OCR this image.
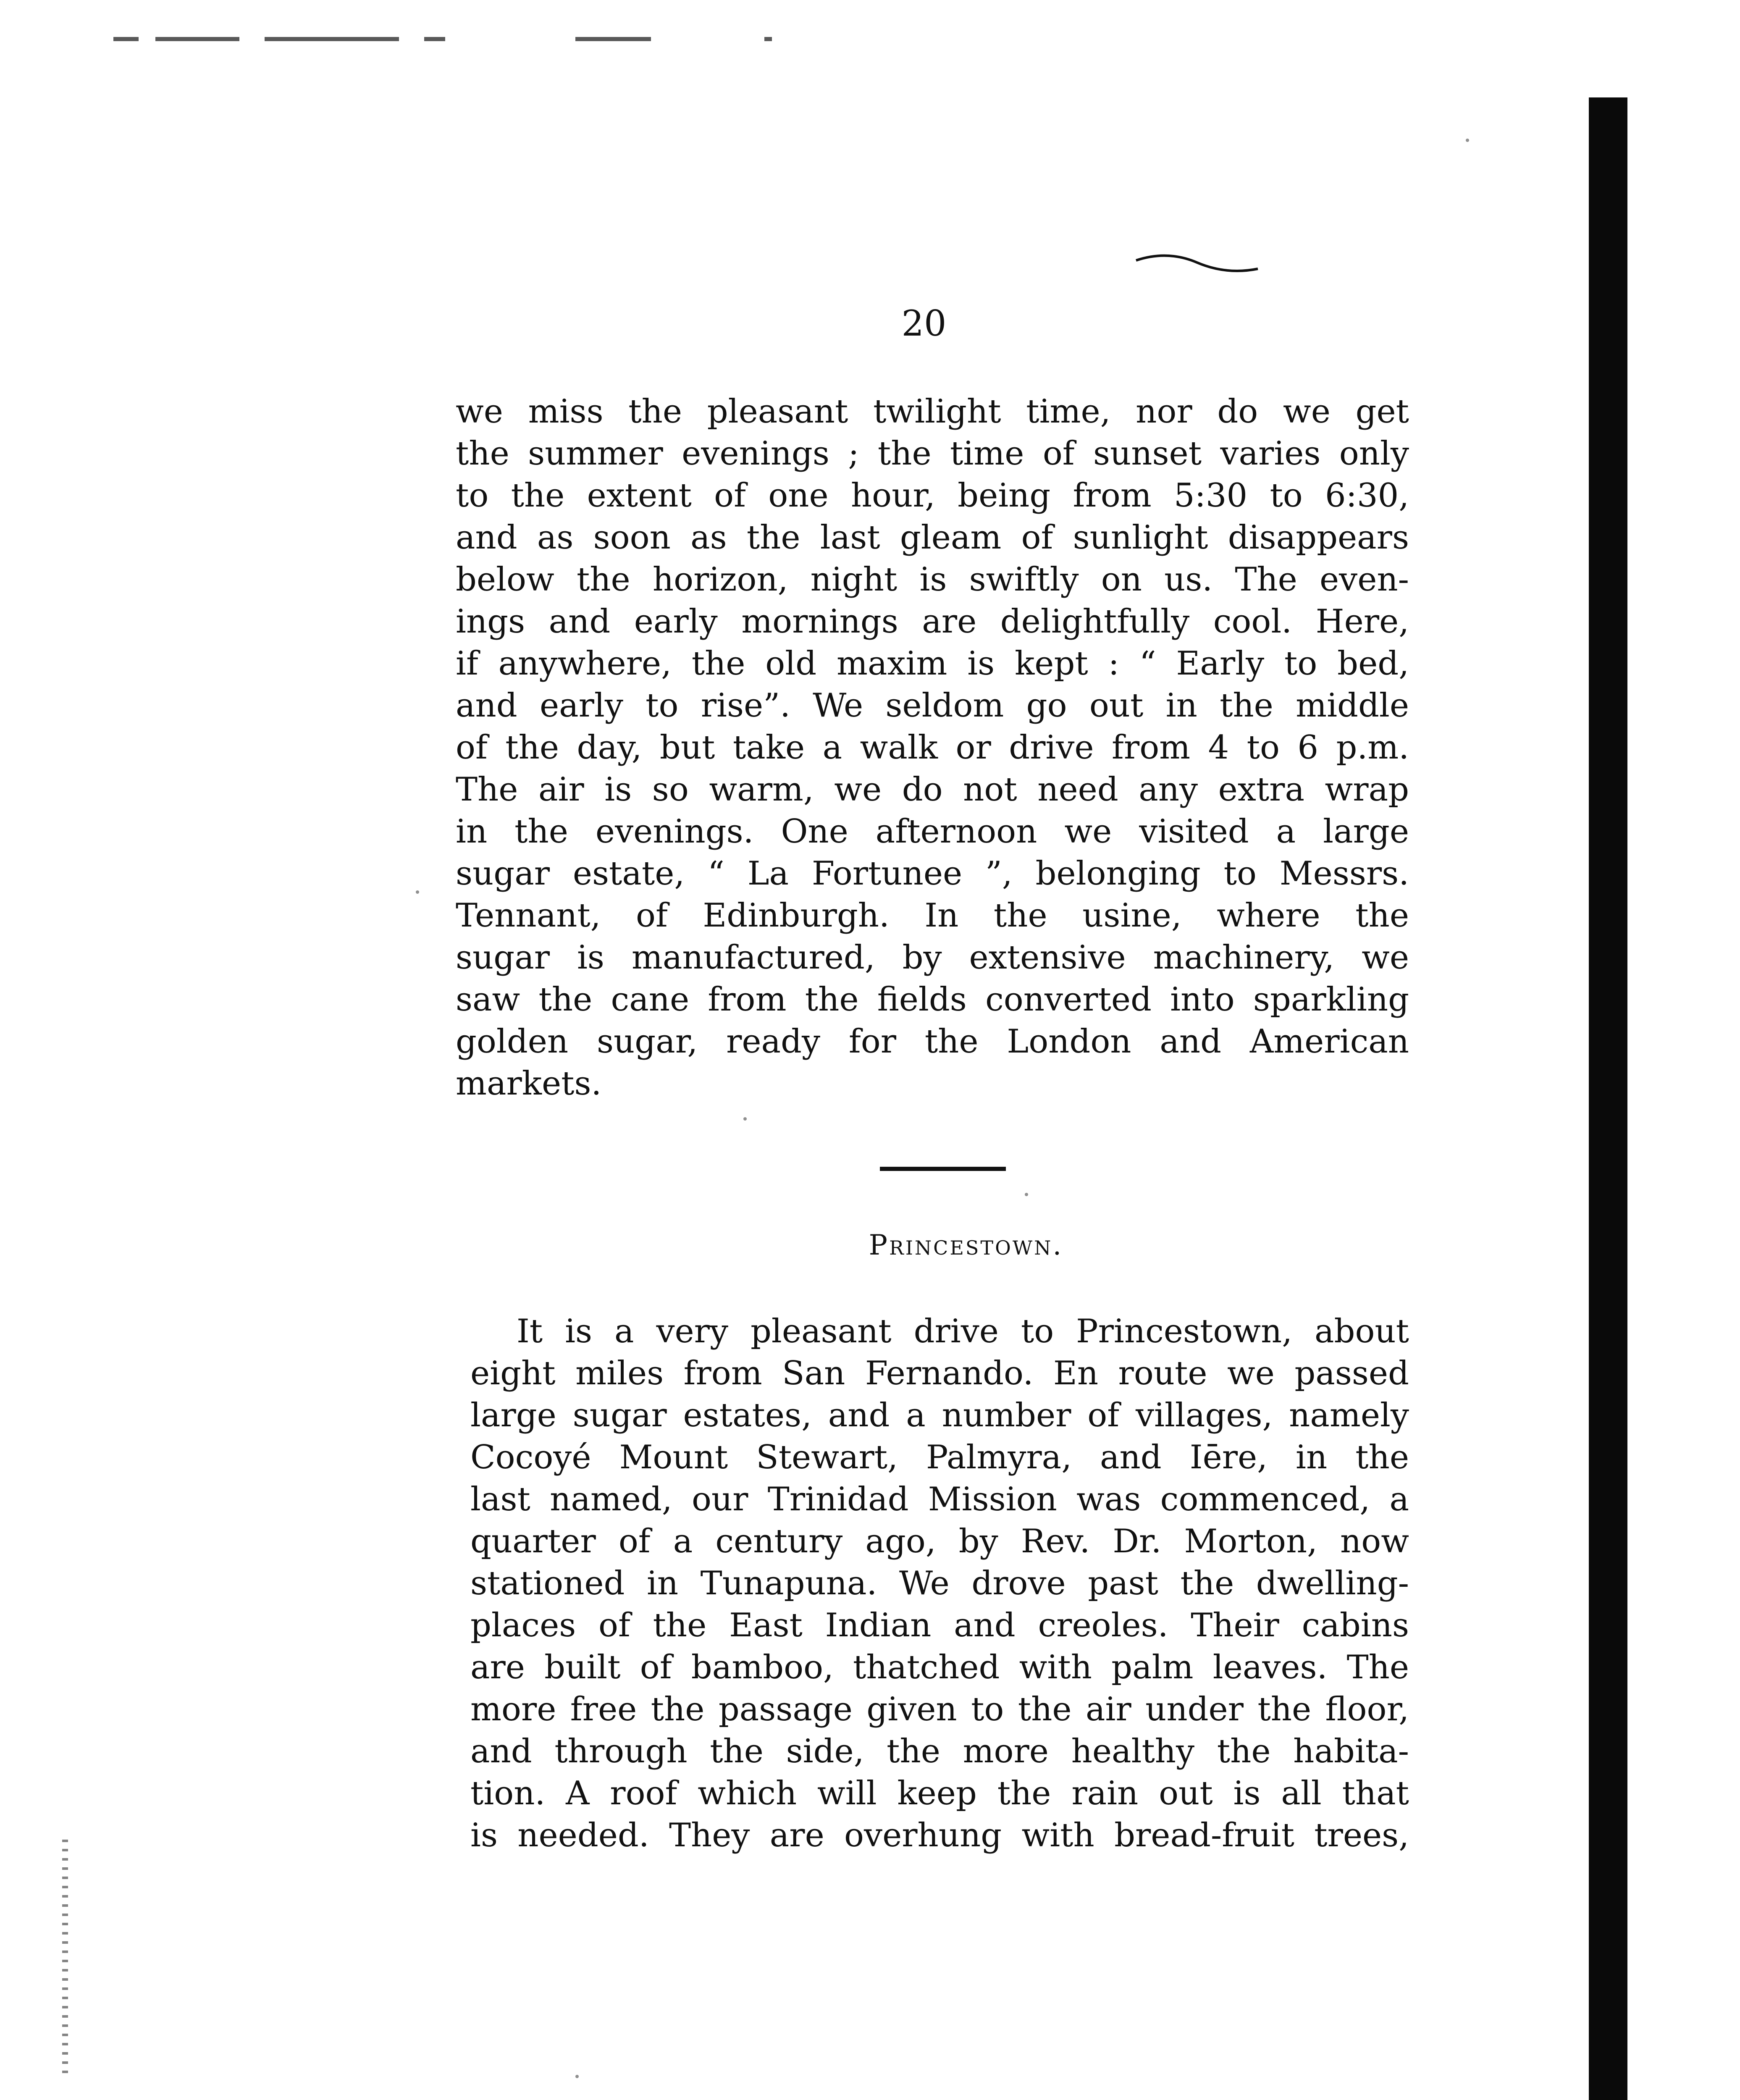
20
we miss the pleasant twilight time, nor do we get
the summer evenings ; the time of sunset varies only
to the extent of one hour, being from 5:30 to 6:30,
and as soon as the last gleam of sunlight disappears
below the horizon, night is swiftly on us. The even-
ings and early mornings are delightfully cool. Here,
if anywhere, the old maxim is kept : “ Early to bed,
and early to rise”. We seldom go out in the middle
of the day, but take a walk or drive from 4 to 6 p.m.
The air is so warm, we do not need any extra wrap
in the evenings. One afternoon we visited a large
sugar estate, “ La Fortunee ”, belonging to Messrs.
Tennant, of Edinburgh. In the usine, where the
sugar is manufactured, by extensive machinery, we
saw the cane from the fields converted into sparkling
golden sugar, ready for the London and American
markets.
Princestown.
It is a very pleasant drive to Princestown, about
eight miles from San Fernando. En route we passed
large sugar estates, and a number of villages, namely
Cocoyé Mount Stewart, Palmyra, and Iēre, in the
last named, our Trinidad Mission was commenced, a
quarter of a century ago, by Rev. Dr. Morton, now
stationed in Tunapuna. We drove past the dwelling-
places of the East Indian and creoles. Their cabins
are built of bamboo, thatched with palm leaves. The
more free the passage given to the air under the floor,
and through the side, the more healthy the habita-
tion. A roof which will keep the rain out is all that
is needed. They are overhung with bread-fruit trees,
